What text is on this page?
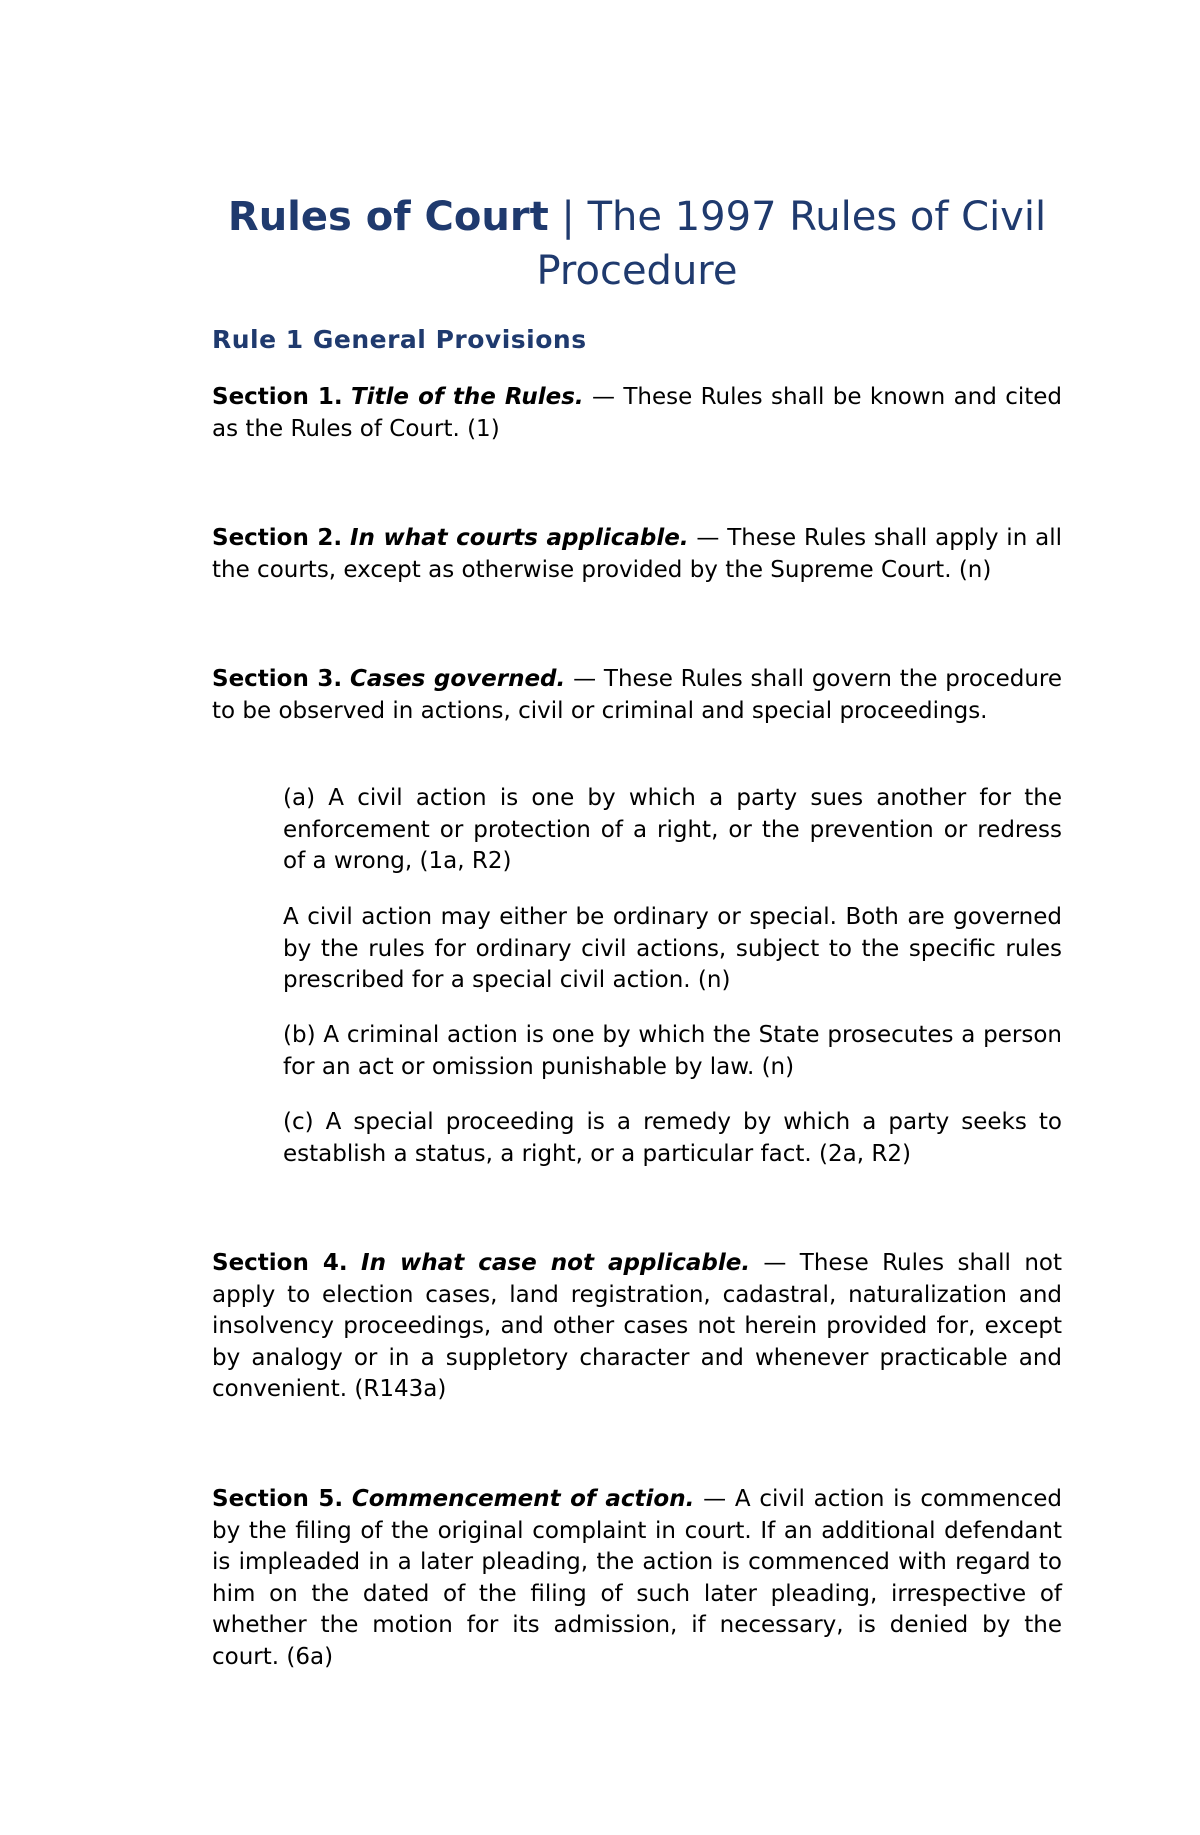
Rules of Court | The 1997 Rules of Civil Procedure
Rule 1 General Provisions

Section 1. Title of the Rules. — These Rules shall be known and cited as the Rules of Court. (1)

Section 2. In what courts applicable. — These Rules shall apply in all the courts, except as otherwise provided by the Supreme Court. (n)

Section 3. Cases governed. — These Rules shall govern the procedure to be observed in actions, civil or criminal and special proceedings.

(a) A civil action is one by which a party sues another for the enforcement or protection of a right, or the prevention or redress of a wrong, (1a, R2)

A civil action may either be ordinary or special. Both are governed by the rules for ordinary civil actions, subject to the specific rules prescribed for a special civil action. (n)

(b) A criminal action is one by which the State prosecutes a person for an act or omission punishable by law. (n)

(c) A special proceeding is a remedy by which a party seeks to establish a status, a right, or a particular fact. (2a, R2)

Section 4. In what case not applicable. — These Rules shall not apply to election cases, land registration, cadastral, naturalization and insolvency proceedings, and other cases not herein provided for, except by analogy or in a suppletory character and whenever practicable and convenient. (R143a)

Section 5. Commencement of action. — A civil action is commenced by the filing of the original complaint in court. If an additional defendant is impleaded in a later pleading, the action is commenced with regard to him on the dated of the filing of such later pleading, irrespective of whether the motion for its admission, if necessary, is denied by the court. (6a)
